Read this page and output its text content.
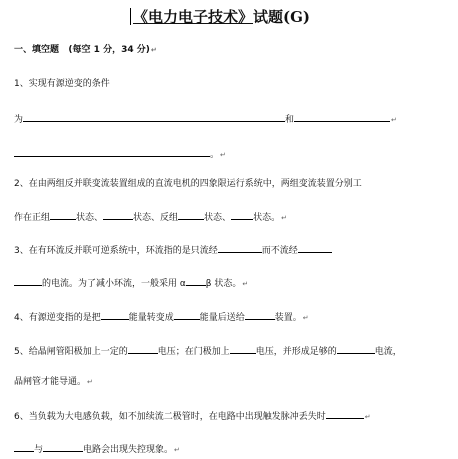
《电力电子技术》试题(G)
一、填空题 (每空 1 分，34 分)↵
1、实现有源逆变的条件
为	和	↵
。↵
2、在由两组反并联变流装置组成的直流电机的四象限运行系统中，两组变流装置分别工
作在正组	状态、	状态、反组	状态、 状态。↵
3、在有环流反并联可逆系统中，环流指的是只流经	而不流经
的电流。为了减小环流，一般采用 α β 状态。↵
4、有源逆变指的是把	能量转变成	能量后送给	装置。↵
5、给晶闸管阳极加上一定的	电压；在门极加上	电压，并形成足够的	电流，
晶闸管才能导通。↵
6、当负载为大电感负载，如不加续流二极管时，在电路中出现触发脉冲丢失时	↵
与	电路会出现失控现象。↵
